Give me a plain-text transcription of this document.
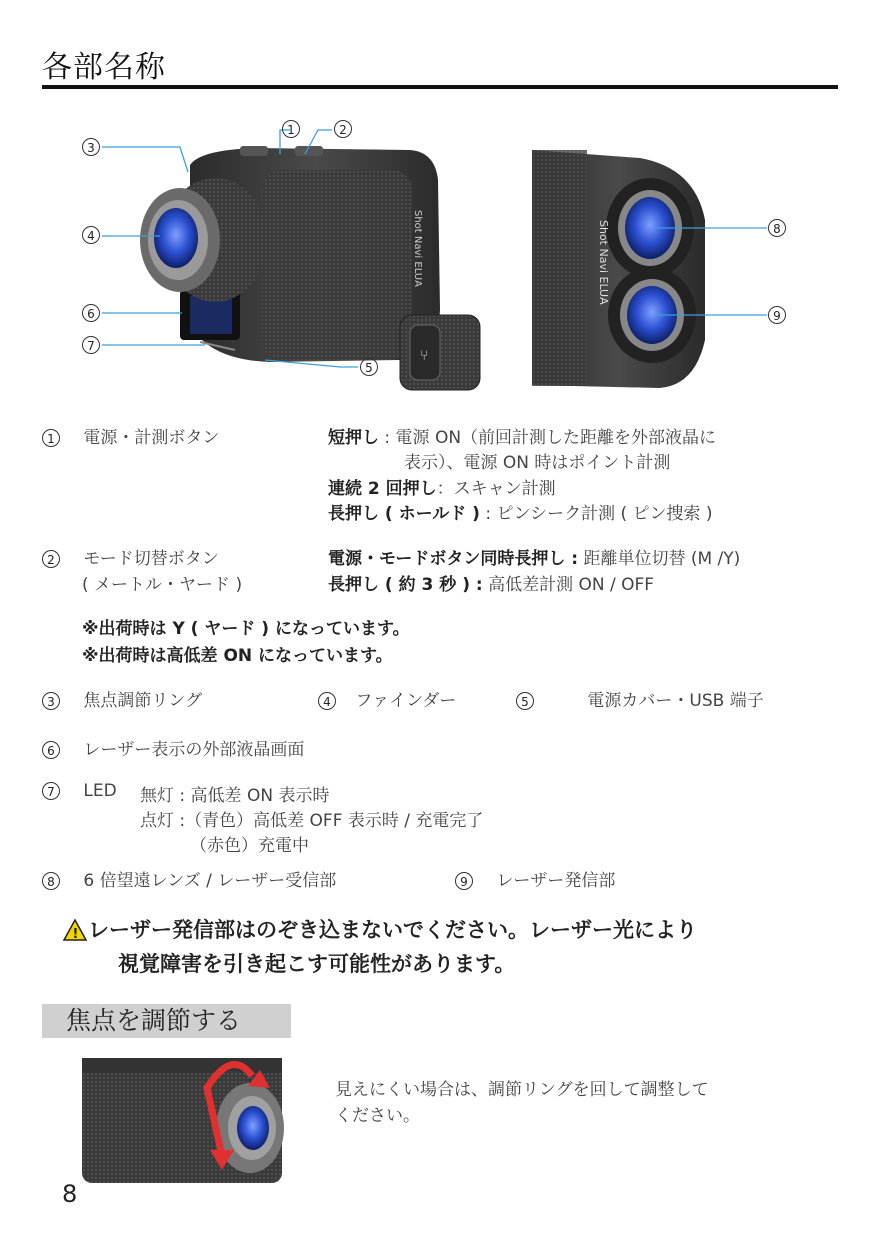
各部名称
Shot Navi ELUA
⑂
Shot Navi ELUA
1	2
3
4
6
7
5
8
9
1 電源・計測ボタン	短押し : 電源 ON（前回計測した距離を外部液晶に
表示）、電源 ON 時はポイント計測
連続 2 回押し：スキャン計測
長押し ( ホールド ) : ピンシーク計測 ( ピン捜索 )
2 モード切替ボタン
( メートル・ヤード )
電源・モードボタン同時長押し : 距離単位切替 (M /Y)
長押し ( 約 3 秒 ) : 高低差計測 ON / OFF
※出荷時は Y ( ヤード ) になっています。
※出荷時は高低差 ON になっています。
3 焦点調節リング	4 ファインダー	5	電源カバー・USB 端子
6 レーザー表示の外部液晶画面
7 LED 無灯 : 高低差 ON 表示時
点灯 :（青色）高低差 OFF 表示時 / 充電完了
（赤色）充電中
8 6 倍望遠レンズ / レーザー受信部	9 レーザー発信部
! レーザー発信部はのぞき込まないでください。レーザー光により
視覚障害を引き起こす可能性があります。
焦点を調節する
見えにくい場合は、調節リングを回して調整して
ください。
8
